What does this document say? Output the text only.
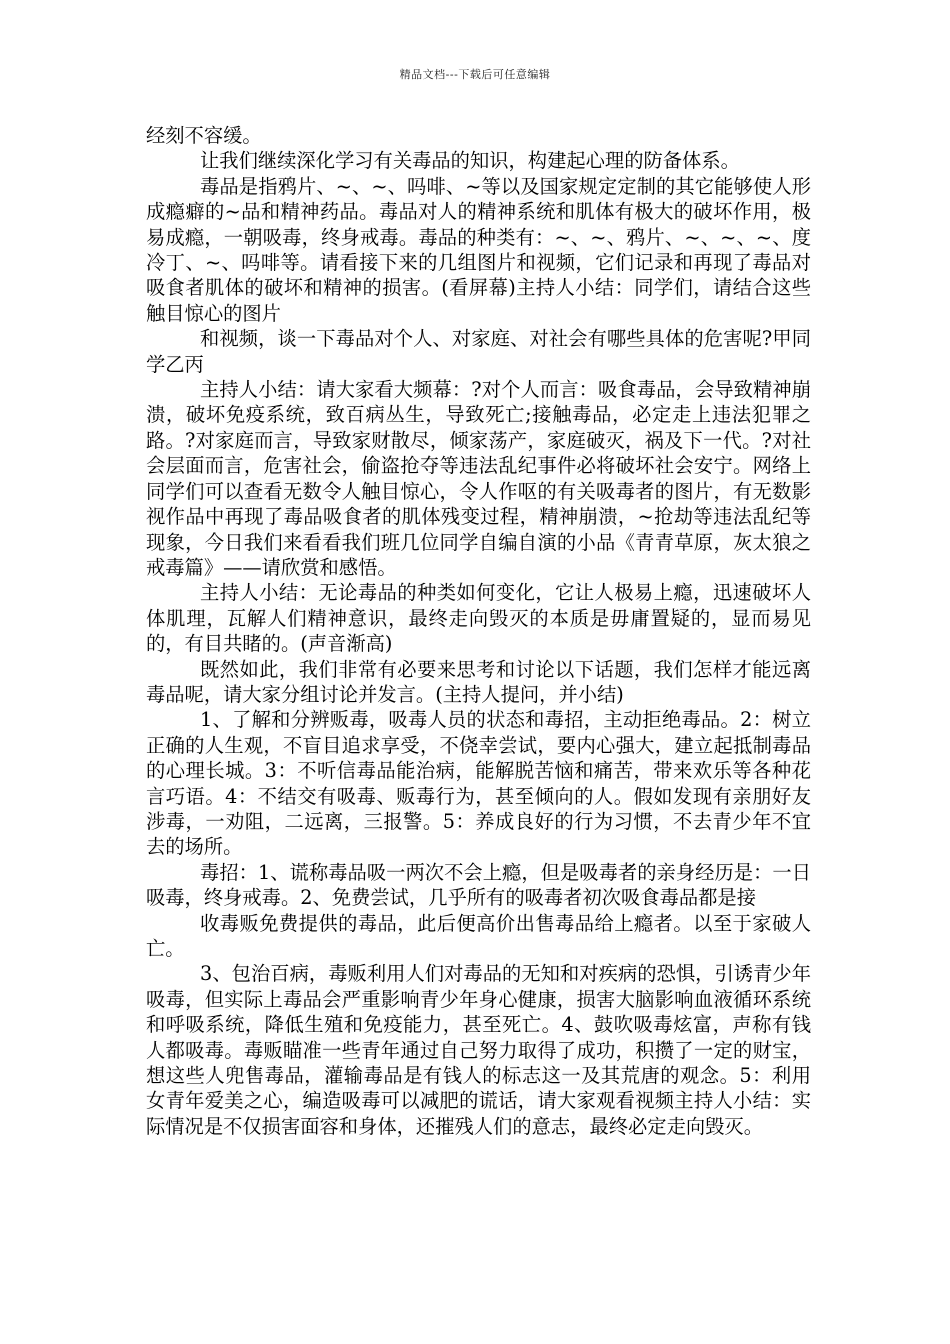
精品文档---下载后可任意编辑

经刻不容缓。

让我们继续深化学习有关毒品的知识，构建起心理的防备体系。

毒品是指鸦片、~、~、吗啡、~等以及国家规定定制的其它能够使人形成瘾癖的~品和精神药品。毒品对人的精神系统和肌体有极大的破坏作用，极易成瘾，一朝吸毒，终身戒毒。毒品的种类有：~、~、鸦片、~、~、~、度冷丁、~、吗啡等。请看接下来的几组图片和视频，它们记录和再现了毒品对吸食者肌体的破坏和精神的损害。(看屏幕)主持人小结：同学们，请结合这些触目惊心的图片

和视频，谈一下毒品对个人、对家庭、对社会有哪些具体的危害呢?甲同学乙丙

主持人小结：请大家看大频幕：?对个人而言：吸食毒品，会导致精神崩溃，破坏免疫系统，致百病丛生，导致死亡;接触毒品，必定走上违法犯罪之路。?对家庭而言，导致家财散尽，倾家荡产，家庭破灭，祸及下一代。?对社会层面而言，危害社会，偷盗抢夺等违法乱纪事件必将破坏社会安宁。网络上同学们可以查看无数令人触目惊心，令人作呕的有关吸毒者的图片，有无数影视作品中再现了毒品吸食者的肌体残变过程，精神崩溃，~抢劫等违法乱纪等现象，今日我们来看看我们班几位同学自编自演的小品《青青草原，灰太狼之戒毒篇》——请欣赏和感悟。

主持人小结：无论毒品的种类如何变化，它让人极易上瘾，迅速破坏人体肌理，瓦解人们精神意识，最终走向毁灭的本质是毋庸置疑的，显而易见的，有目共睹的。(声音渐高)

既然如此，我们非常有必要来思考和讨论以下话题，我们怎样才能远离毒品呢，请大家分组讨论并发言。(主持人提问，并小结)

1、了解和分辨贩毒，吸毒人员的状态和毒招，主动拒绝毒品。2：树立正确的人生观，不盲目追求享受，不侥幸尝试，要内心强大，建立起抵制毒品的心理长城。3：不听信毒品能治病，能解脱苦恼和痛苦，带来欢乐等各种花言巧语。4：不结交有吸毒、贩毒行为，甚至倾向的人。假如发现有亲朋好友涉毒，一劝阻，二远离，三报警。5：养成良好的行为习惯，不去青少年不宜去的场所。

毒招：1、谎称毒品吸一两次不会上瘾，但是吸毒者的亲身经历是：一日吸毒，终身戒毒。2、免费尝试，几乎所有的吸毒者初次吸食毒品都是接

收毒贩免费提供的毒品，此后便高价出售毒品给上瘾者。以至于家破人亡。

3、包治百病，毒贩利用人们对毒品的无知和对疾病的恐惧，引诱青少年吸毒，但实际上毒品会严重影响青少年身心健康，损害大脑影响血液循环系统和呼吸系统，降低生殖和免疫能力，甚至死亡。4、鼓吹吸毒炫富，声称有钱人都吸毒。毒贩瞄准一些青年通过自己努力取得了成功，积攒了一定的财宝，想这些人兜售毒品，灌输毒品是有钱人的标志这一及其荒唐的观念。5：利用女青年爱美之心，编造吸毒可以减肥的谎话，请大家观看视频主持人小结：实际情况是不仅损害面容和身体，还摧残人们的意志，最终必定走向毁灭。
